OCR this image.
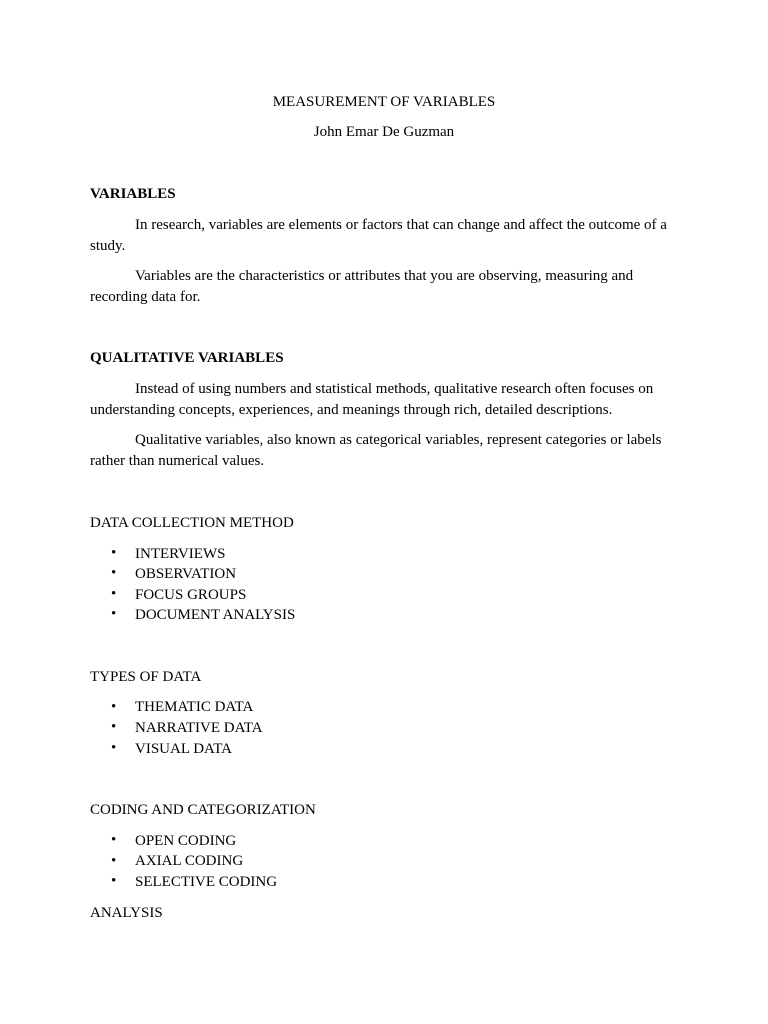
MEASUREMENT OF VARIABLES
John Emar De Guzman
VARIABLES
In research, variables are elements or factors that can change and affect the outcome of a
study.
Variables are the characteristics or attributes that you are observing, measuring and
recording data for.
QUALITATIVE VARIABLES
Instead of using numbers and statistical methods, qualitative research often focuses on
understanding concepts, experiences, and meanings through rich, detailed descriptions.
Qualitative variables, also known as categorical variables, represent categories or labels
rather than numerical values.
DATA COLLECTION METHOD
• INTERVIEWS
• OBSERVATION
• FOCUS GROUPS
• DOCUMENT ANALYSIS
TYPES OF DATA
• THEMATIC DATA
• NARRATIVE DATA
• VISUAL DATA
CODING AND CATEGORIZATION
• OPEN CODING
• AXIAL CODING
• SELECTIVE CODING
ANALYSIS
